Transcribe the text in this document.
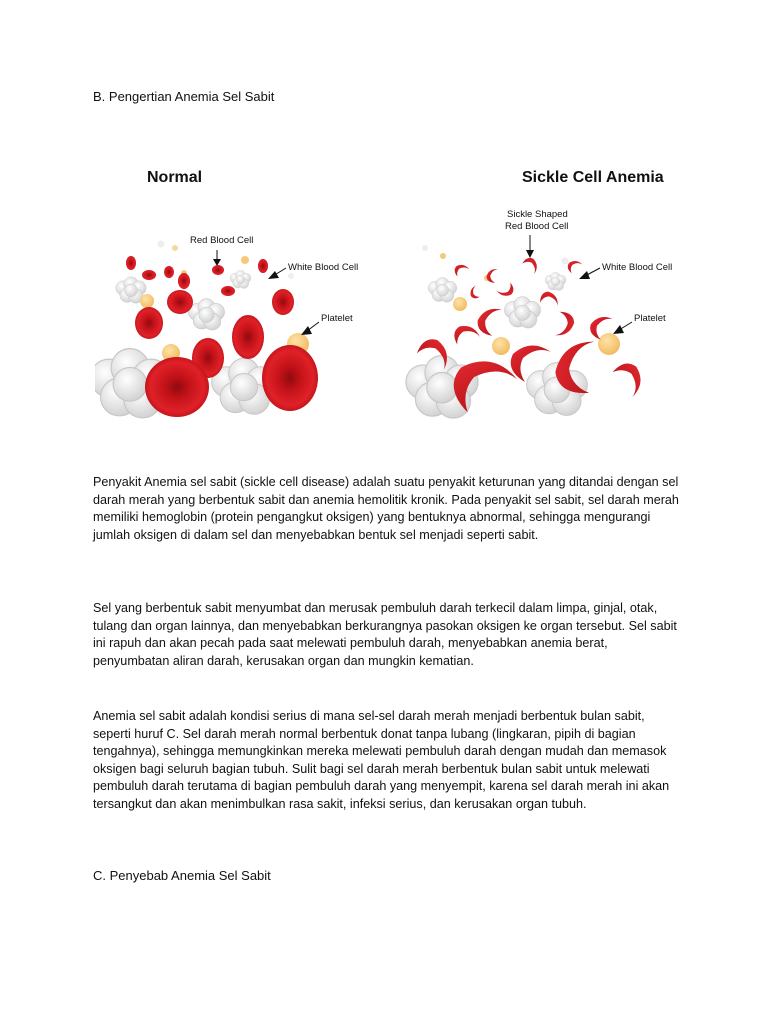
B. Pengertian Anemia Sel Sabit
Normal
Red Blood Cell
White Blood Cell
Platelet
Sickle Cell Anemia
Sickle Shaped
Red Blood Cell
White Blood Cell
Platelet

Penyakit Anemia sel sabit (sickle cell disease) adalah suatu penyakit keturunan yang ditandai dengan sel darah merah yang berbentuk sabit dan anemia hemolitik kronik. Pada penyakit sel sabit, sel darah merah memiliki hemoglobin (protein pengangkut oksigen) yang bentuknya abnormal, sehingga mengurangi jumlah oksigen di dalam sel dan menyebabkan bentuk sel menjadi seperti sabit.

Sel yang berbentuk sabit menyumbat dan merusak pembuluh darah terkecil dalam limpa, ginjal, otak, tulang dan organ lainnya, dan menyebabkan berkurangnya pasokan oksigen ke organ tersebut. Sel sabit ini rapuh dan akan pecah pada saat melewati pembuluh darah, menyebabkan anemia berat, penyumbatan aliran darah, kerusakan organ dan mungkin kematian.

Anemia sel sabit adalah kondisi serius di mana sel-sel darah merah menjadi berbentuk bulan sabit, seperti huruf C. Sel darah merah normal berbentuk donat tanpa lubang (lingkaran, pipih di bagian tengahnya), sehingga memungkinkan mereka melewati pembuluh darah dengan mudah dan memasok oksigen bagi seluruh bagian tubuh. Sulit bagi sel darah merah berbentuk bulan sabit untuk melewati pembuluh darah terutama di bagian pembuluh darah yang menyempit, karena sel darah merah ini akan tersangkut dan akan menimbulkan rasa sakit, infeksi serius, dan kerusakan organ tubuh.

C. Penyebab Anemia Sel Sabit
